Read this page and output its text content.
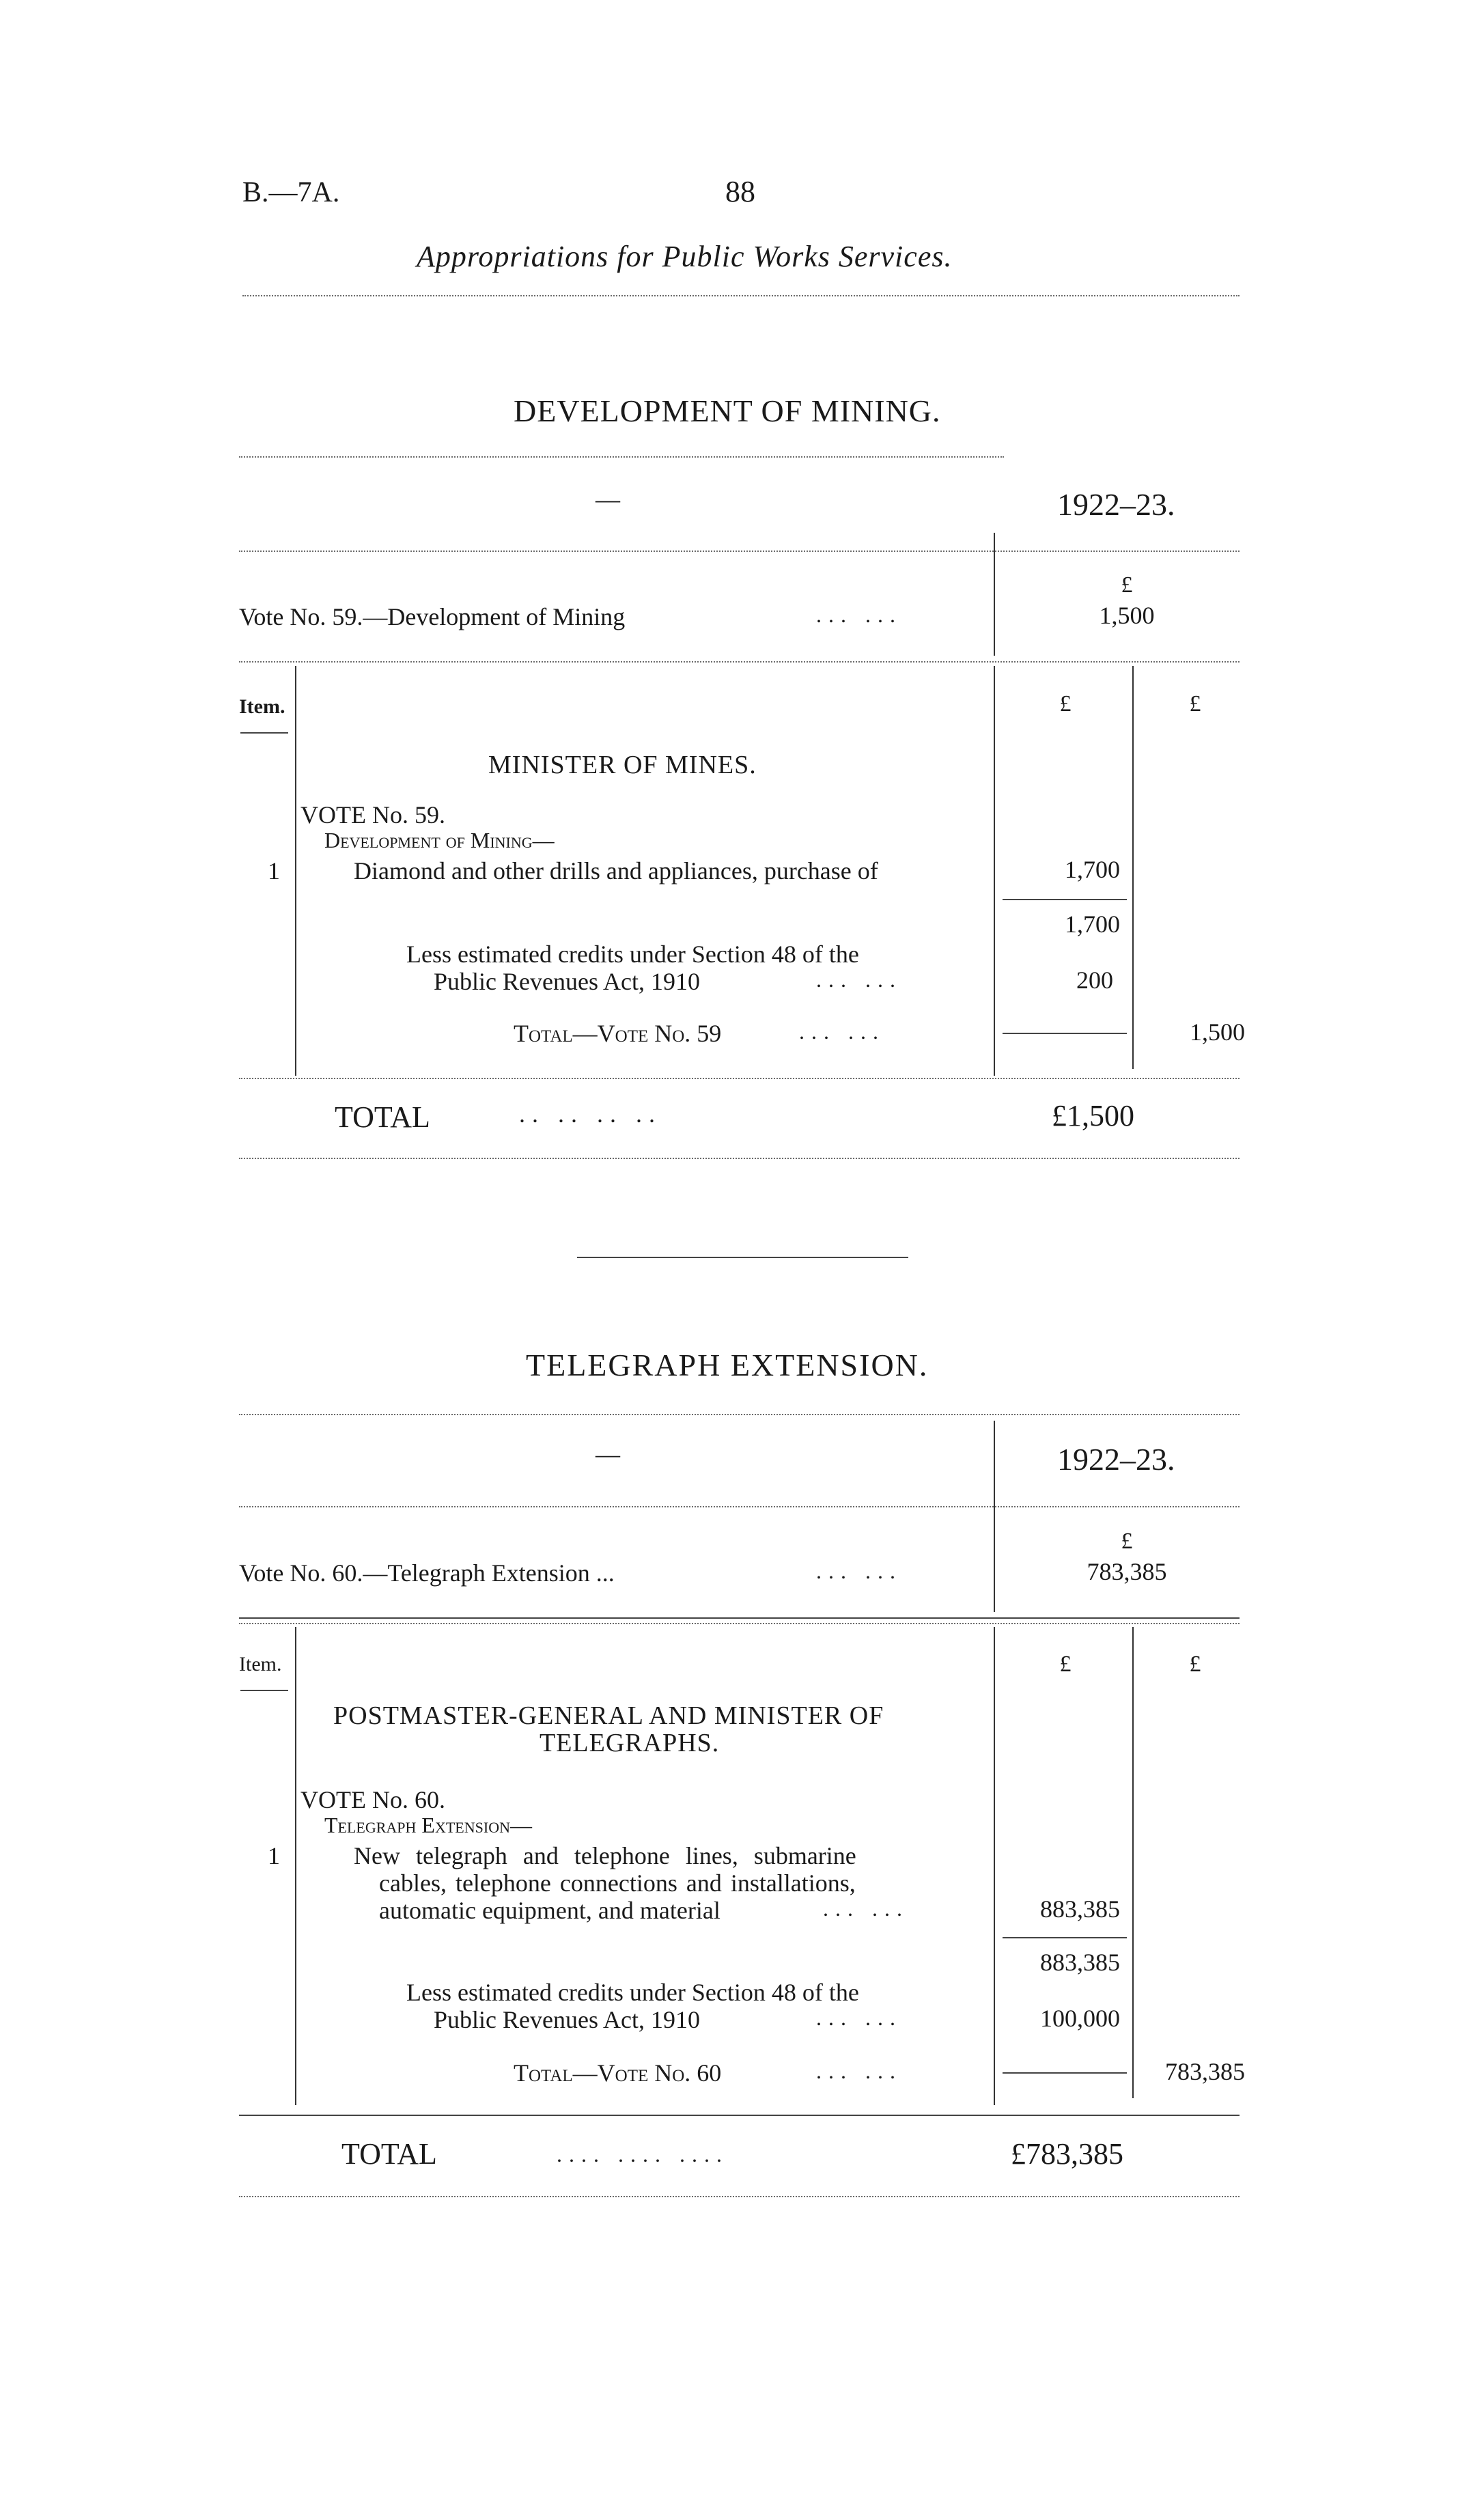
B.—7A.	88
Appropriations for Public Works Services.
DEVELOPMENT OF MINING.
—	1922–23.
Vote No. 59.—Development of Mining	... ...
£
1,500
Item.	£	£
MINISTER OF MINES.
VOTE No. 59.
Development of Mining—
1	Diamond and other drills and appliances, purchase of	1,700
1,700
Less estimated credits under Section 48 of the
Public Revenues Act, 1910	... ...	200
Total—Vote No. 59	... ...	1,500
TOTAL	.. .. .. ..	£1,500
TELEGRAPH EXTENSION.
—	1922–23.
Vote No. 60.—Telegraph Extension ...	... ...
£
783,385
Item.	£	£
POSTMASTER-GENERAL AND MINISTER OF
TELEGRAPHS.
VOTE No. 60.
Telegraph Extension—
1	New telegraph and telephone lines, submarine
cables, telephone connections and installations,
automatic equipment, and material	... ...	883,385
883,385
Less estimated credits under Section 48 of the
Public Revenues Act, 1910	... ...	100,000
Total—Vote No. 60	... ...	783,385
TOTAL	.... .... ....	£783,385
